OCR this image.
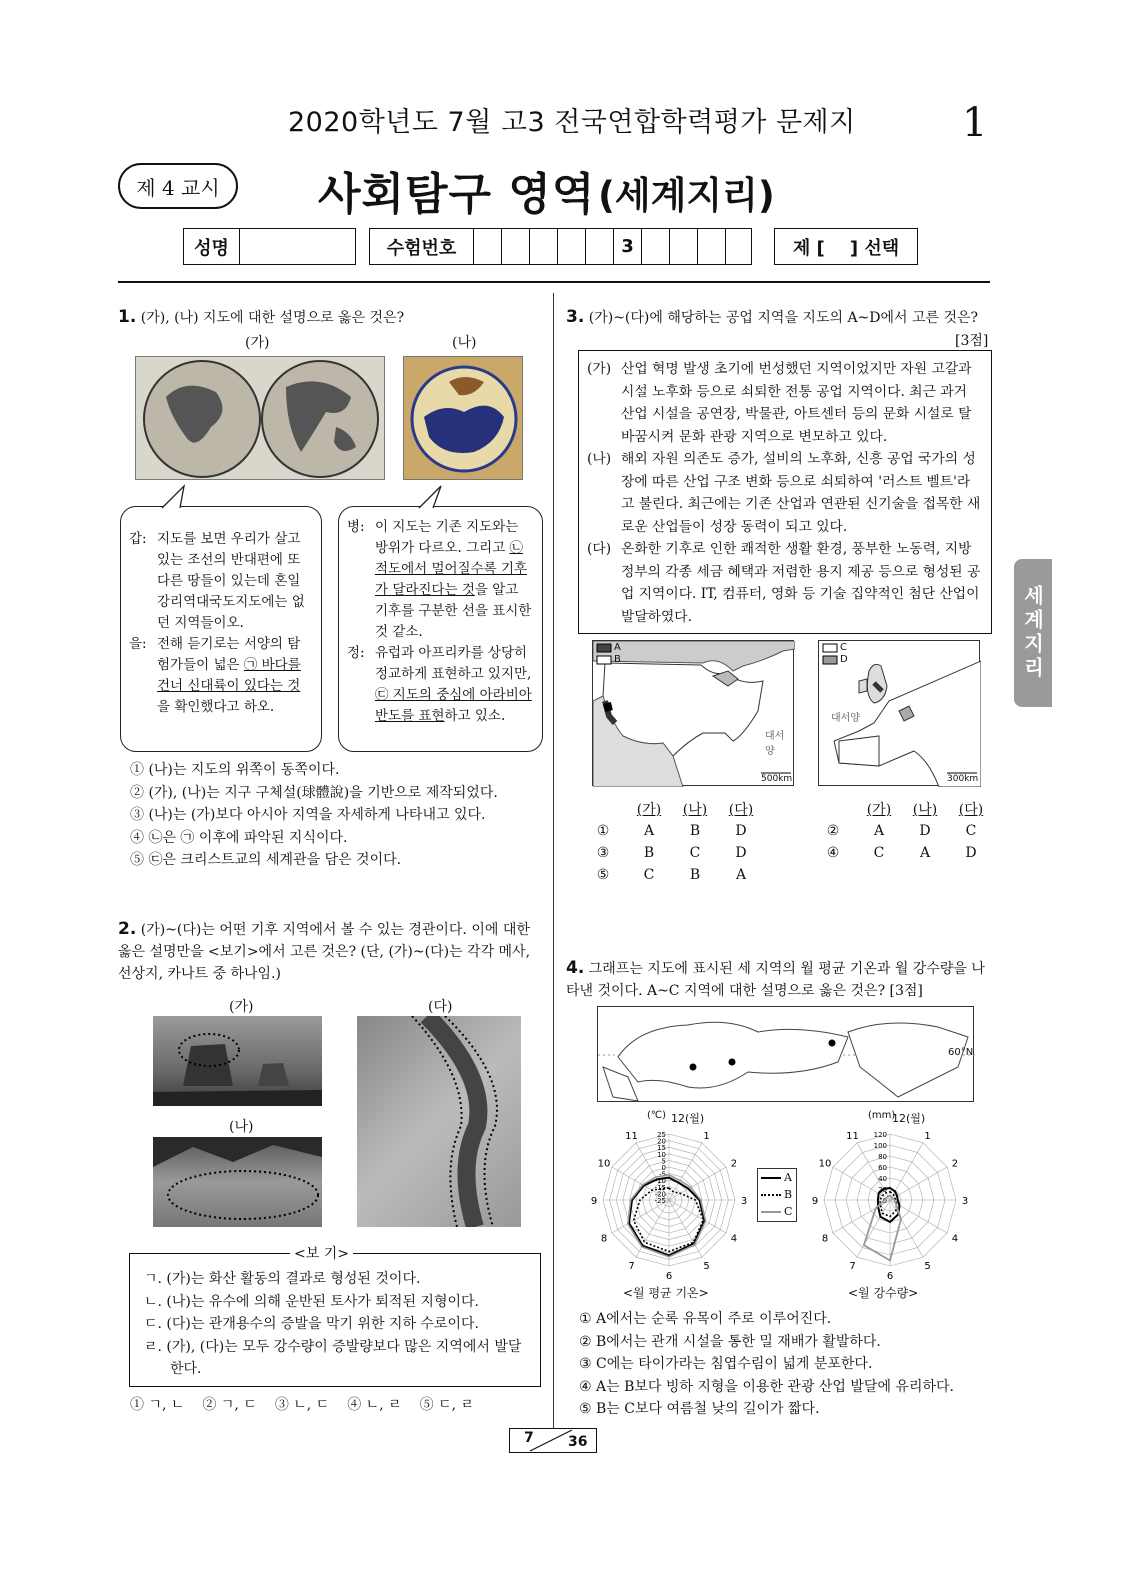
2020학년도 7월 고3 전국연합학력평가 문제지	1
제 4 교시 사회탐구 영역 (세계지리)
성명	수험번호	3	제 [    ] 선택
세계지리
1. (가), (나) 지도에 대한 설명으로 옳은 것은?
(가)	(나)
갑: 지도를 보면 우리가 살고 있는 조선의 반대편에 또 다른 땅들이 있는데 혼일강리역대국도지도에는 없던 지역들이오.
을: 전해 듣기로는 서양의 탐험가들이 넓은 ㉠ 바다를 건너 신대륙이 있다는 것을 확인했다고 하오.
병: 이 지도는 기존 지도와는 방위가 다르오. 그리고 ㉡ 적도에서 멀어질수록 기후가 달라진다는 것을 알고 기후를 구분한 선을 표시한 것 같소.
정: 유럽과 아프리카를 상당히 정교하게 표현하고 있지만, ㉢ 지도의 중심에 아라비아 반도를 표현하고 있소.
① (나)는 지도의 위쪽이 동쪽이다.
② (가), (나)는 지구 구체설(球體說)을 기반으로 제작되었다.
③ (나)는 (가)보다 아시아 지역을 자세하게 나타내고 있다.
④ ㉡은 ㉠ 이후에 파악된 지식이다.
⑤ ㉢은 크리스트교의 세계관을 담은 것이다.
2. (가)~(다)는 어떤 기후 지역에서 볼 수 있는 경관이다. 이에 대한 옳은 설명만을 <보기>에서 고른 것은? (단, (가)~(다)는 각각 메사, 선상지, 카나트 중 하나임.)
(가)	(다)
(나)
ㄱ. (가)는 화산 활동의 결과로 형성된 것이다.
ㄴ. (나)는 유수에 의해 운반된 토사가 퇴적된 지형이다.
ㄷ. (다)는 관개용수의 증발을 막기 위한 지하 수로이다.
ㄹ. (가), (다)는 모두 강수량이 증발량보다 많은 지역에서 발달한다.
<보 기>
① ㄱ, ㄴ ② ㄱ, ㄷ ③ ㄴ, ㄷ ④ ㄴ, ㄹ ⑤ ㄷ, ㄹ
3. (가)~(다)에 해당하는 공업 지역을 지도의 A~D에서 고른 것은?
[3점]
(가) 산업 혁명 발생 초기에 번성했던 지역이었지만 자원 고갈과 시설 노후화 등으로 쇠퇴한 전통 공업 지역이다. 최근 과거 산업 시설을 공연장, 박물관, 아트센터 등의 문화 시설로 탈바꿈시켜 문화 관광 지역으로 변모하고 있다.
(나) 해외 자원 의존도 증가, 설비의 노후화, 신흥 공업 국가의 성장에 따른 산업 구조 변화 등으로 쇠퇴하여 '러스트 벨트'라고 불린다. 최근에는 기존 산업과 연관된 신기술을 접목한 새로운 산업들이 성장 동력이 되고 있다.
(다) 온화한 기후로 인한 쾌적한 생활 환경, 풍부한 노동력, 지방 정부의 각종 세금 혜택과 저렴한 용지 제공 등으로 형성된 공업 지역이다. IT, 컴퓨터, 영화 등 기술 집약적인 첨단 산업이 발달하였다.
A
B
대서양
500km
C
D
대서양
300km
	(가)	(나)	(다)			(가)	(나)	(다)
①	A	B	D		②	A	D	C
③	B	C	D		④	C	A	D
⑤	C	B	A					
4. 그래프는 지도에 표시된 세 지역의 월 평균 기온과 월 강수량을 나타낸 것이다. A~C 지역에 대한 설명으로 옳은 것은? [3점]
60°N
(℃) 12(월)
1
2
3
4
5
6
7
8
9
10
11	25
20
15
10
5
0
-5
-10
-15
-20
-25
<월 평균 기온>
A
B
C
(mm)
12(월)
1
2
3
4
5
6
7
8
9
10
11 120
100
80
60
40
20
0
<월 강수량>
① A에서는 순록 유목이 주로 이루어진다.
② B에서는 관개 시설을 통한 밀 재배가 활발하다.
③ C에는 타이가라는 침엽수림이 넓게 분포한다.
④ A는 B보다 빙하 지형을 이용한 관광 산업 발달에 유리하다.
⑤ B는 C보다 여름철 낮의 길이가 짧다.
7 36
